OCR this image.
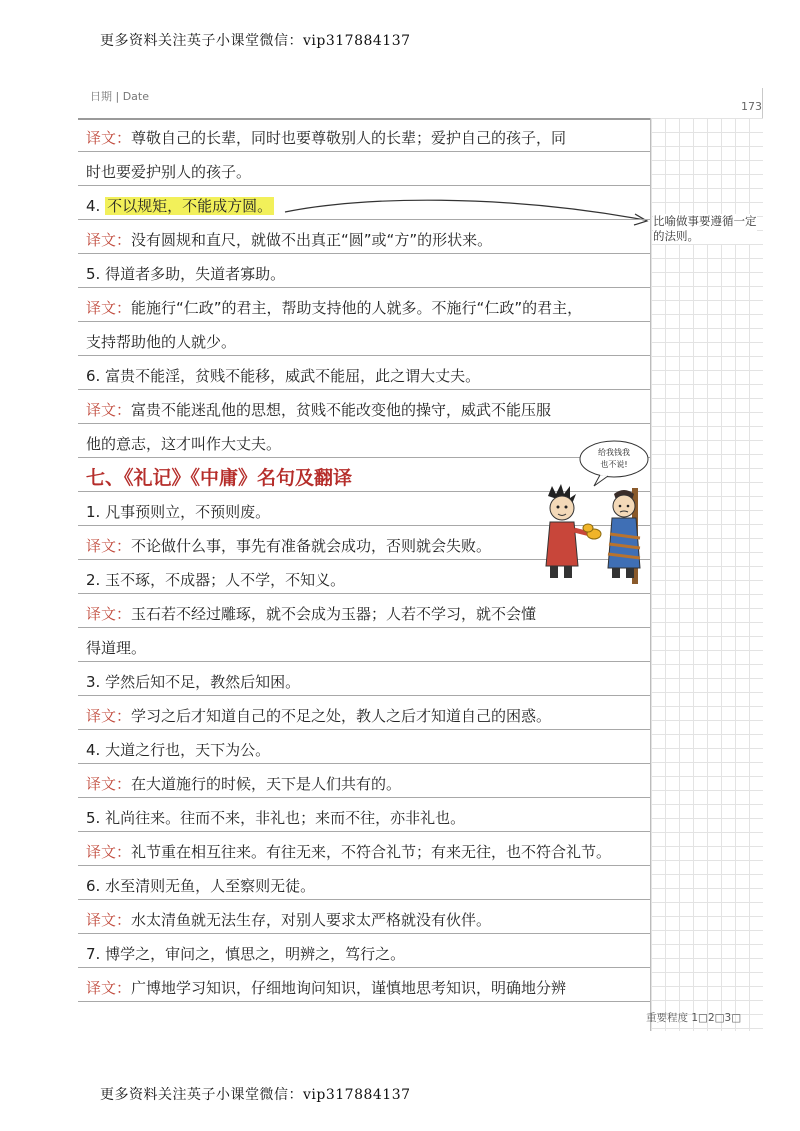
更多资料关注英子小课堂微信：vip317884137
日期 | Date
173
比喻做事要遵循一定的法则。
译文：尊敬自己的长辈，同时也要尊敬别人的长辈；爱护自己的孩子，同
时也要爱护别人的孩子。
4. 不以规矩，不能成方圆。
译文：没有圆规和直尺，就做不出真正“圆”或“方”的形状来。
5. 得道者多助，失道者寡助。
译文：能施行“仁政”的君主，帮助支持他的人就多。不施行“仁政”的君主，
支持帮助他的人就少。
6. 富贵不能淫，贫贱不能移，威武不能屈，此之谓大丈夫。
译文：富贵不能迷乱他的思想，贫贱不能改变他的操守，威武不能压服
他的意志，这才叫作大丈夫。
七、《礼记》《中庸》名句及翻译
1. 凡事预则立，不预则废。
译文：不论做什么事，事先有准备就会成功，否则就会失败。
2. 玉不琢，不成器；人不学，不知义。
译文：玉石若不经过雕琢，就不会成为玉器；人若不学习，就不会懂
得道理。
3. 学然后知不足，教然后知困。
译文：学习之后才知道自己的不足之处，教人之后才知道自己的困惑。
4. 大道之行也，天下为公。
译文：在大道施行的时候，天下是人们共有的。
5. 礼尚往来。往而不来，非礼也；来而不往，亦非礼也。
译文：礼节重在相互往来。有往无来，不符合礼节；有来无往，也不符合礼节。
6. 水至清则无鱼，人至察则无徒。
译文：水太清鱼就无法生存，对别人要求太严格就没有伙伴。
7. 博学之，审问之，慎思之，明辨之，笃行之。
译文：广博地学习知识，仔细地询问知识，谨慎地思考知识，明确地分辨
给我钱我
也不说!
重要程度 1□2□3□
更多资料关注英子小课堂微信：vip317884137
